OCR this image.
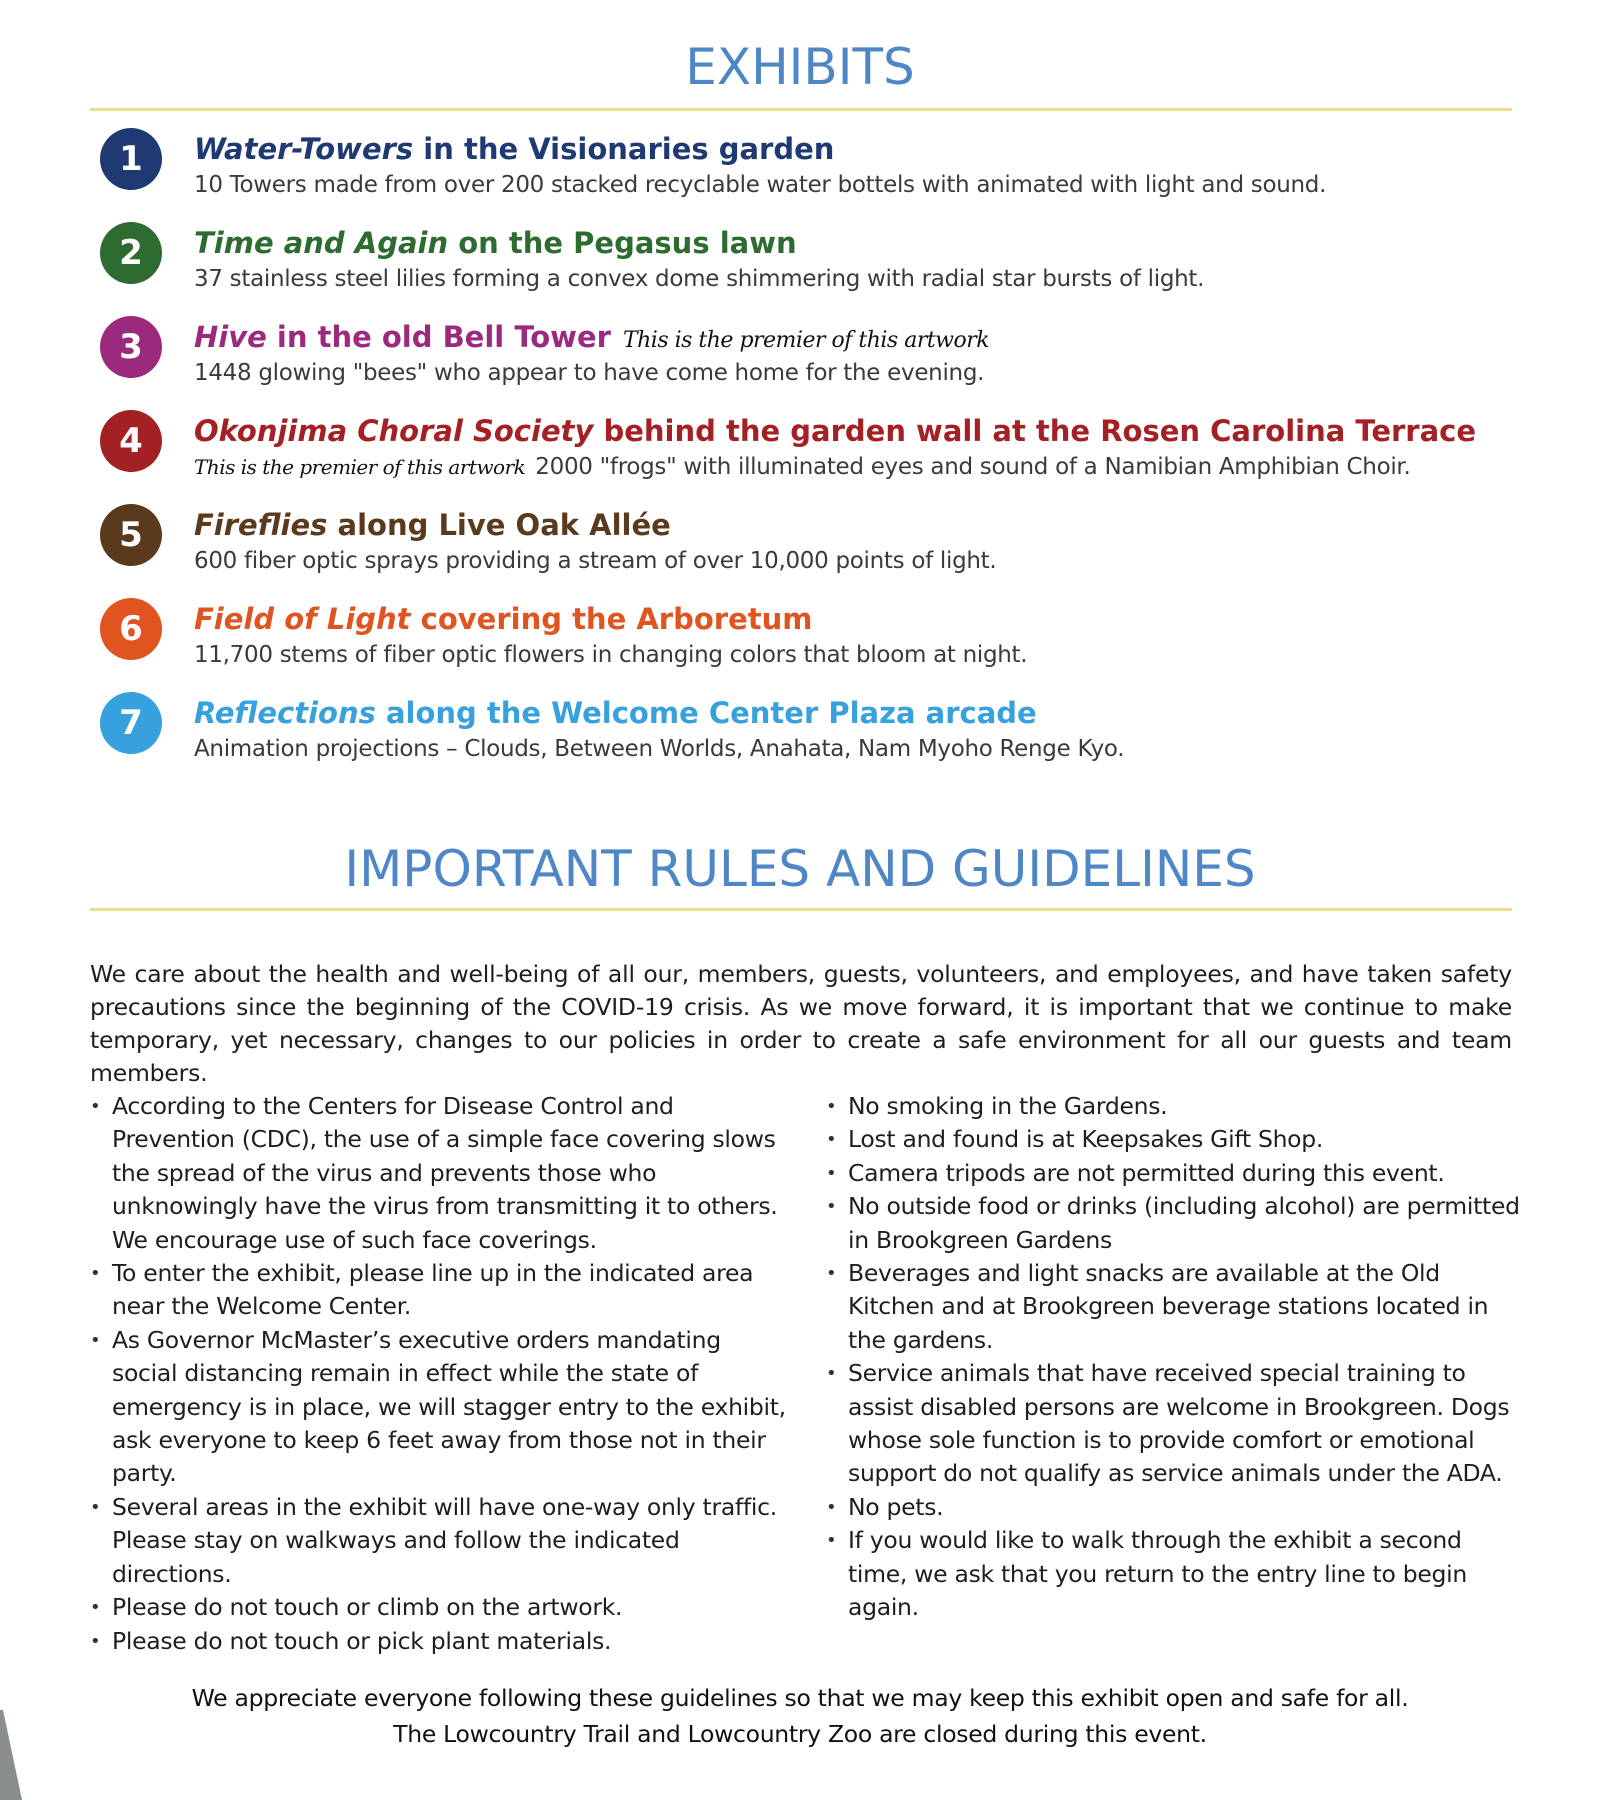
EXHIBITS
1	Water-Towers in the Visionaries garden
10 Towers made from over 200 stacked recyclable water bottels with animated with light and sound.
2	Time and Again on the Pegasus lawn
37 stainless steel lilies forming a convex dome shimmering with radial star bursts of light.
3	Hive in the old Bell Tower This is the premier of this artwork
1448 glowing "bees" who appear to have come home for the evening.
4	Okonjima Choral Society behind the garden wall at the Rosen Carolina Terrace
This is the premier of this artwork 2000 "frogs" with illuminated eyes and sound of a Namibian Amphibian Choir.
5	Fireflies along Live Oak Allée
600 fiber optic sprays providing a stream of over 10,000 points of light.
6	Field of Light covering the Arboretum
11,700 stems of fiber optic flowers in changing colors that bloom at night.
7	Reflections along the Welcome Center Plaza arcade
Animation projections – Clouds, Between Worlds, Anahata, Nam Myoho Renge Kyo.
IMPORTANT RULES AND GUIDELINES

We care about the health and well-being of all our, members, guests, volunteers, and employees, and have taken safety precautions since the beginning of the COVID-19 crisis. As we move forward, it is important that we continue to make temporary, yet necessary, changes to our policies in order to create a safe environment for all our guests and team members.

• According to the Centers for Disease Control and Prevention (CDC), the use of a simple face covering slows the spread of the virus and prevents those who unknowingly have the virus from transmitting it to others. We encourage use of such face coverings.
• To enter the exhibit, please line up in the indicated area near the Welcome Center.
• As Governor McMaster’s executive orders mandating social distancing remain in effect while the state of emergency is in place, we will stagger entry to the exhibit, ask everyone to keep 6 feet away from those not in their party.
• Several areas in the exhibit will have one-way only traffic. Please stay on walkways and follow the indicated directions.
• Please do not touch or climb on the artwork.
• Please do not touch or pick plant materials.
• No smoking in the Gardens.
• Lost and found is at Keepsakes Gift Shop.
• Camera tripods are not permitted during this event.
• No outside food or drinks (including alcohol) are permitted in Brookgreen Gardens
• Beverages and light snacks are available at the Old Kitchen and at Brookgreen beverage stations located in the gardens.
• Service animals that have received special training to assist disabled persons are welcome in Brookgreen. Dogs whose sole function is to provide comfort or emotional support do not qualify as service animals under the ADA.
• No pets.
• If you would like to walk through the exhibit a second time, we ask that you return to the entry line to begin again.
We appreciate everyone following these guidelines so that we may keep this exhibit open and safe for all.
The Lowcountry Trail and Lowcountry Zoo are closed during this event.
